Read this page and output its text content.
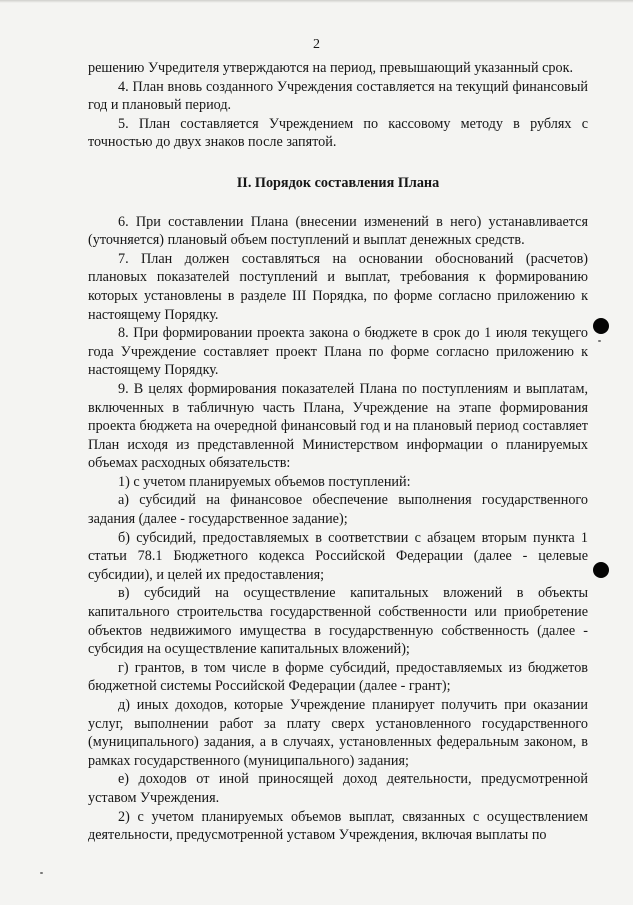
2

решению Учредителя утверждаются на период, превышающий указанный срок.

4. План вновь созданного Учреждения составляется на текущий финансовый год и плановый период.

5. План составляется Учреждением по кассовому методу в рублях с точностью до двух знаков после запятой.

II. Порядок составления Плана

6. При составлении Плана (внесении изменений в него) устанавливается (уточняется) плановый объем поступлений и выплат денежных средств.

7. План должен составляться на основании обоснований (расчетов) плановых показателей поступлений и выплат, требования к формированию которых установлены в разделе III Порядка, по форме согласно приложению к настоящему Порядку.

8. При формировании проекта закона о бюджете в срок до 1 июля текущего года Учреждение составляет проект Плана по форме согласно приложению к настоящему Порядку.

9. В целях формирования показателей Плана по поступлениям и выплатам, включенных в табличную часть Плана, Учреждение на этапе формирования проекта бюджета на очередной финансовый год и на плановый период составляет План исходя из представленной Министерством информации о планируемых объемах расходных обязательств:

1) с учетом планируемых объемов поступлений:

а) субсидий на финансовое обеспечение выполнения государственного задания (далее - государственное задание);

б) субсидий, предоставляемых в соответствии с абзацем вторым пункта 1 статьи 78.1 Бюджетного кодекса Российской Федерации (далее - целевые субсидии), и целей их предоставления;

в) субсидий на осуществление капитальных вложений в объекты капитального строительства государственной собственности или приобретение объектов недвижимого имущества в государственную собственность (далее - субсидия на осуществление капитальных вложений);

г) грантов, в том числе в форме субсидий, предоставляемых из бюджетов бюджетной системы Российской Федерации (далее - грант);

д) иных доходов, которые Учреждение планирует получить при оказании услуг, выполнении работ за плату сверх установленного государственного (муниципального) задания, а в случаях, установленных федеральным законом, в рамках государственного (муниципального) задания;

е) доходов от иной приносящей доход деятельности, предусмотренной уставом Учреждения.

2) с учетом планируемых объемов выплат, связанных с осуществлением деятельности, предусмотренной уставом Учреждения, включая выплаты по
